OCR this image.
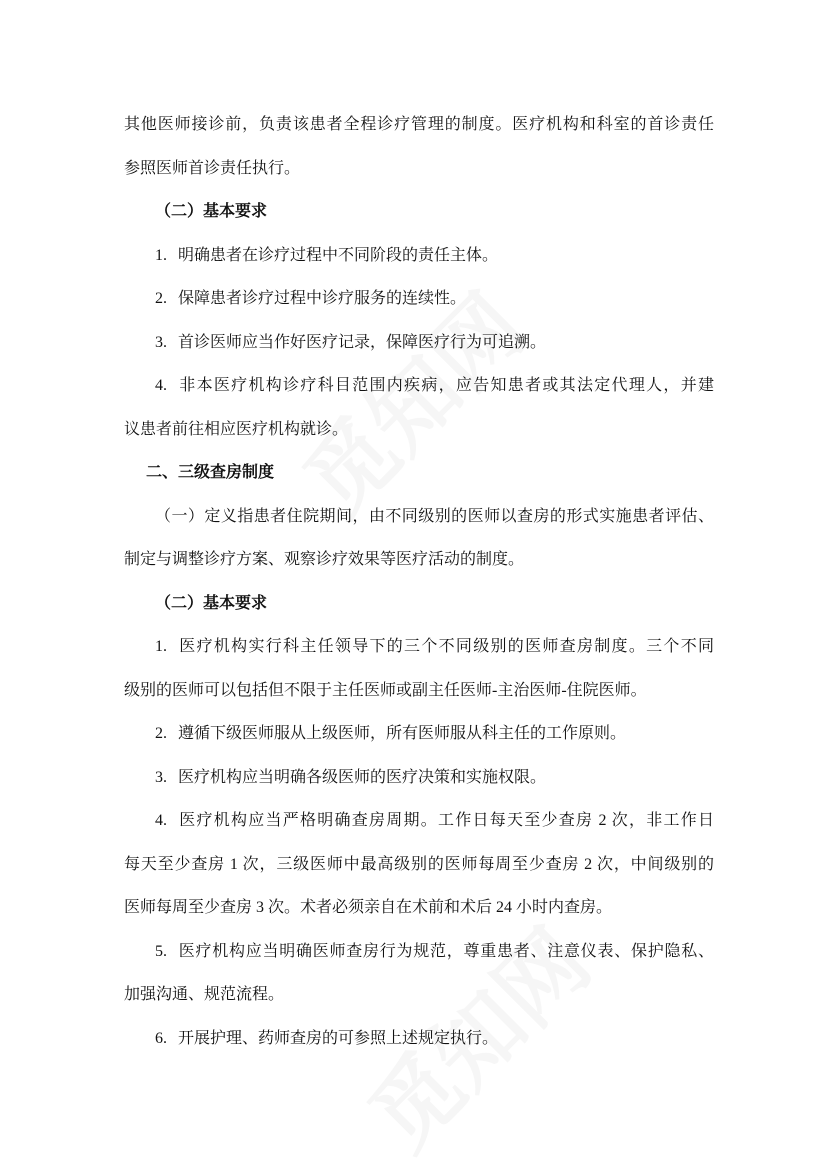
其他医师接诊前，负责该患者全程诊疗管理的制度。医疗机构和科室的首诊责任
参照医师首诊责任执行。
（二）基本要求
1. 明确患者在诊疗过程中不同阶段的责任主体。
2. 保障患者诊疗过程中诊疗服务的连续性。
3. 首诊医师应当作好医疗记录，保障医疗行为可追溯。
4. 非本医疗机构诊疗科目范围内疾病，应告知患者或其法定代理人，并建
议患者前往相应医疗机构就诊。
二、三级查房制度
（一）定义指患者住院期间，由不同级别的医师以查房的形式实施患者评估、
制定与调整诊疗方案、观察诊疗效果等医疗活动的制度。
（二）基本要求
1. 医疗机构实行科主任领导下的三个不同级别的医师查房制度。三个不同
级别的医师可以包括但不限于主任医师或副主任医师-主治医师-住院医师。
2. 遵循下级医师服从上级医师，所有医师服从科主任的工作原则。
3. 医疗机构应当明确各级医师的医疗决策和实施权限。
4. 医疗机构应当严格明确查房周期。工作日每天至少查房 2 次，非工作日
每天至少查房 1 次，三级医师中最高级别的医师每周至少查房 2 次，中间级别的
医师每周至少查房 3 次。术者必须亲自在术前和术后 24 小时内查房。
5. 医疗机构应当明确医师查房行为规范，尊重患者、注意仪表、保护隐私、
加强沟通、规范流程。
6. 开展护理、药师查房的可参照上述规定执行。
